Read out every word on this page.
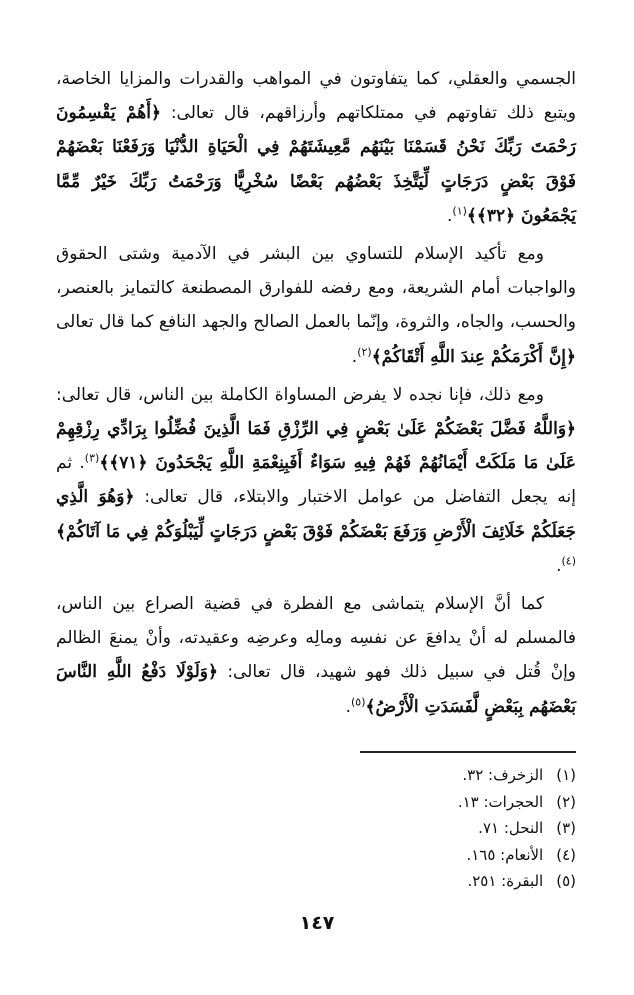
الجسمي والعقلي، كما يتفاوتون في المواهب والقدرات والمزايا الخاصة، ويتبع ذلك تفاوتهم في ممتلكاتهم وأرزاقهم، قال تعالى: ﴿أَهُمْ يَقْسِمُونَ رَحْمَتَ رَبِّكَ نَحْنُ قَسَمْنَا بَيْنَهُم مَّعِيشَتَهُمْ فِي الْحَيَاةِ الدُّنْيَا وَرَفَعْنَا بَعْضَهُمْ فَوْقَ بَعْضٍ دَرَجَاتٍ لِّيَتَّخِذَ بَعْضُهُم بَعْضًا سُخْرِيًّا وَرَحْمَتُ رَبِّكَ خَيْرٌ مِّمَّا يَجْمَعُونَ ﴿٣٢﴾﴾$^{(١)}$.

ومع تأكيد الإسلام للتساوي بين البشر في الآدمية وشتى الحقوق والواجبات أمام الشريعة، ومع رفضه للفوارق المصطنعة كالتمايز بالعنصر، والحسب، والجاه، والثروة، وإنّما بالعمل الصالح والجهد النافع كما قال تعالى ﴿إِنَّ أَكْرَمَكُمْ عِندَ اللَّهِ أَتْقَاكُمْ﴾$^{(٢)}$.

ومع ذلك، فإنا نجده لا يفرض المساواة الكاملة بين الناس، قال تعالى: ﴿وَاللَّهُ فَضَّلَ بَعْضَكُمْ عَلَىٰ بَعْضٍ فِي الرِّزْقِ فَمَا الَّذِينَ فُضِّلُوا بِرَادِّي رِزْقِهِمْ عَلَىٰ مَا مَلَكَتْ أَيْمَانُهُمْ فَهُمْ فِيهِ سَوَاءٌ أَفَبِنِعْمَةِ اللَّهِ يَجْحَدُونَ ﴿٧١﴾﴾$^{(٣)}$. ثم إنه يجعل التفاضل من عوامل الاختبار والابتلاء، قال تعالى: ﴿وَهُوَ الَّذِي جَعَلَكُمْ خَلَائِفَ الْأَرْضِ وَرَفَعَ بَعْضَكُمْ فَوْقَ بَعْضٍ دَرَجَاتٍ لِّيَبْلُوَكُمْ فِي مَا آتَاكُمْ﴾$^{(٤)}$.

كما أنَّ الإسلام يتماشى مع الفطرة في قضية الصراع بين الناس، فالمسلم له أنْ يدافعَ عن نفسِه ومالِه وعرضِه وعقيدته، وأنْ يمنعَ الظالم وإنْ قُتل في سبيل ذلك فهو شهيد، قال تعالى: ﴿وَلَوْلَا دَفْعُ اللَّهِ النَّاسَ بَعْضَهُم بِبَعْضٍ لَّفَسَدَتِ الْأَرْضُ﴾$^{(٥)}$.

(١) الزخرف: ٣٢.
(٢) الحجرات: ١٣.
(٣) النحل: ٧١.
(٤) الأنعام: ١٦٥.
(٥) البقرة: ٢٥١.
١٤٧
